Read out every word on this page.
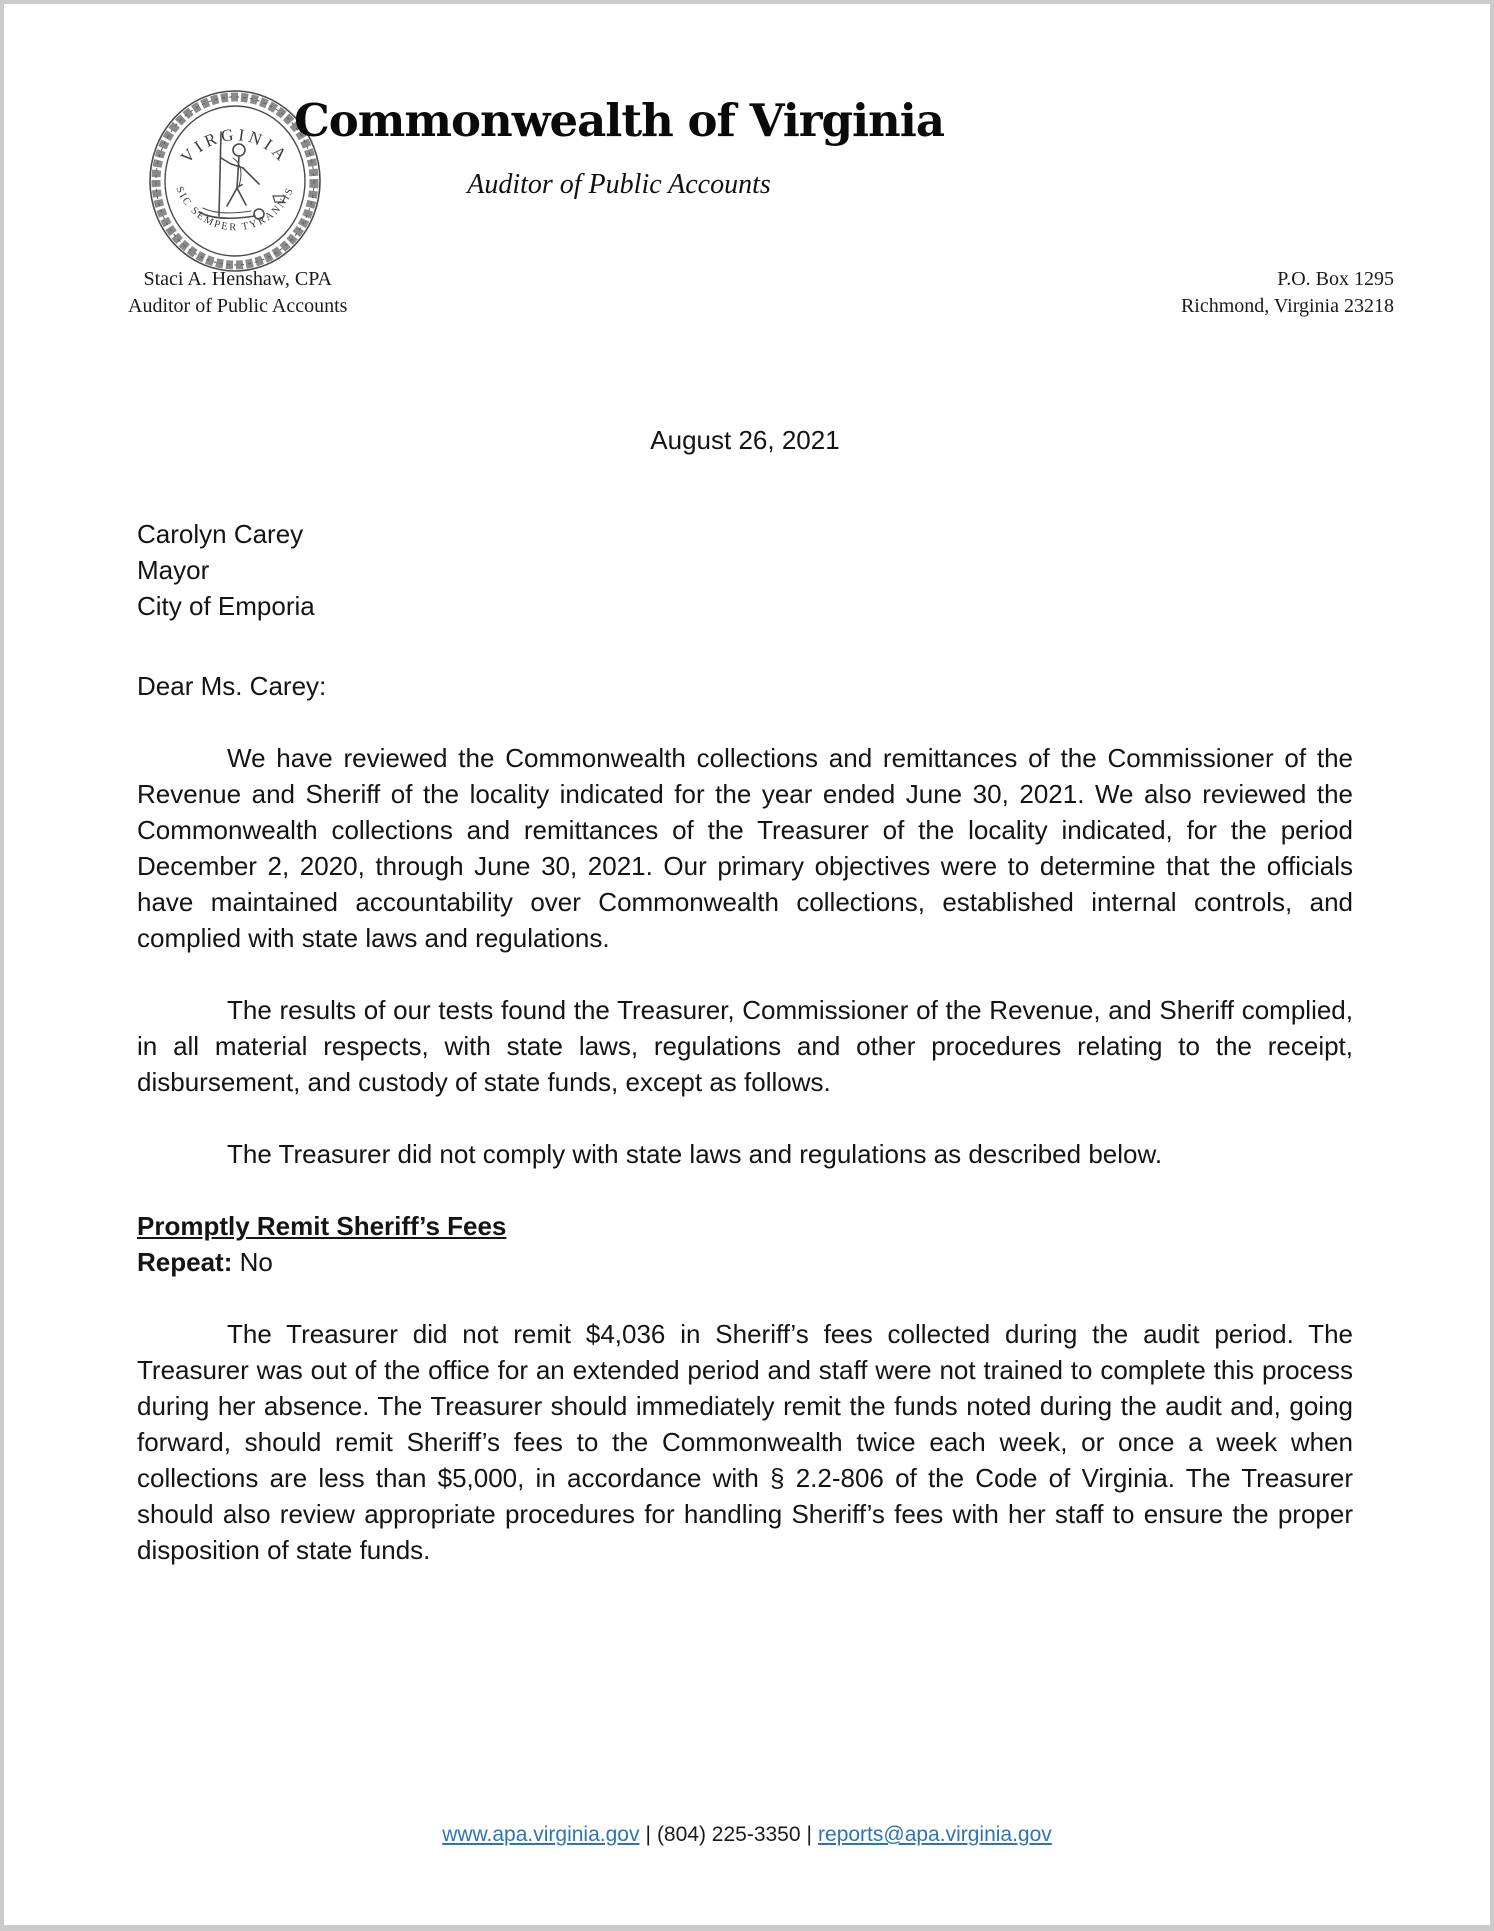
VIRGINIA
SIC SEMPER TYRANNIS
Commonwealth of Virginia
Auditor of Public Accounts
Staci A. Henshaw, CPA
Auditor of Public Accounts
P.O. Box 1295
Richmond, Virginia 23218
August 26, 2021
Carolyn Carey
Mayor
City of Emporia
Dear Ms. Carey:

We have reviewed the Commonwealth collections and remittances of the Commissioner of the Revenue and Sheriff of the locality indicated for the year ended June 30, 2021. We also reviewed the Commonwealth collections and remittances of the Treasurer of the locality indicated, for the period December 2, 2020, through June 30, 2021. Our primary objectives were to determine that the officials have maintained accountability over Commonwealth collections, established internal controls, and complied with state laws and regulations.

The results of our tests found the Treasurer, Commissioner of the Revenue, and Sheriff complied, in all material respects, with state laws, regulations and other procedures relating to the receipt, disbursement, and custody of state funds, except as follows.

The Treasurer did not comply with state laws and regulations as described below.

Promptly Remit Sheriff’s Fees
Repeat: No

The Treasurer did not remit $4,036 in Sheriff’s fees collected during the audit period. The Treasurer was out of the office for an extended period and staff were not trained to complete this process during her absence. The Treasurer should immediately remit the funds noted during the audit and, going forward, should remit Sheriff’s fees to the Commonwealth twice each week, or once a week when collections are less than $5,000, in accordance with § 2.2-806 of the Code of Virginia. The Treasurer should also review appropriate procedures for handling Sheriff’s fees with her staff to ensure the proper disposition of state funds.

www.apa.virginia.gov | (804) 225-3350 | reports@apa.virginia.gov
